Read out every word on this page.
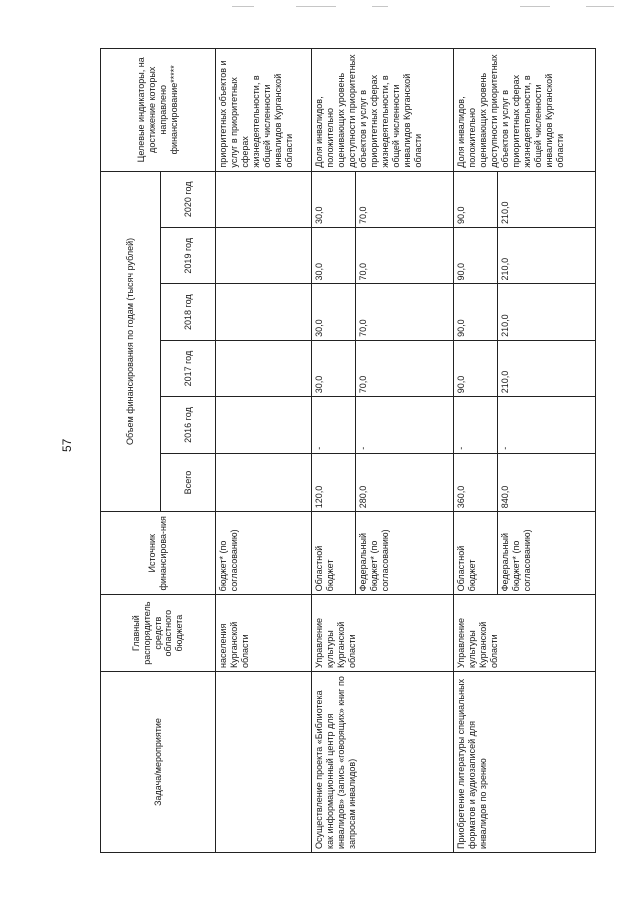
57
Задача/мероприятие	Главный распорядитель средств областного бюджета	Источник финансирова-ния	Объем финансирования по годам (тысяч рублей)						Целевые индикаторы, на достижение которых направлено финансирование*****
			Всего	2016 год	2017 год	2018 год	2019 год	2020 год	
	населения Курганской области	бюджет* (по согласованию)							приоритетных объектов и услуг в приоритетных сферах жизнедеятельности, в общей численности инвалидов Курганской области
Осуществление проекта «Библиотека как информационный центр для инвалидов» (запись «говорящих» книг по запросам инвалидов)	Управление культуры Курганской области	Областной бюджет	120,0	-	30,0	30,0	30,0	30,0	Доля инвалидов, положительно оценивающих уровень доступности приоритетных объектов и услуг в приоритетных сферах жизнедеятельности, в общей численности инвалидов Курганской области
		Федеральный бюджет* (по согласованию)	280,0	-	70,0	70,0	70,0	70,0	
Приобретение литературы специальных форматов и аудиозаписей для инвалидов по зрению	Управление культуры Курганской области	Областной бюджет	360,0	-	90,0	90,0	90,0	90,0	Доля инвалидов, положительно оценивающих уровень доступности приоритетных объектов и услуг в приоритетных сферах жизнедеятельности, в общей численности инвалидов Курганской области
		Федеральный бюджет* (по согласованию)	840,0	-	210,0	210,0	210,0	210,0	
